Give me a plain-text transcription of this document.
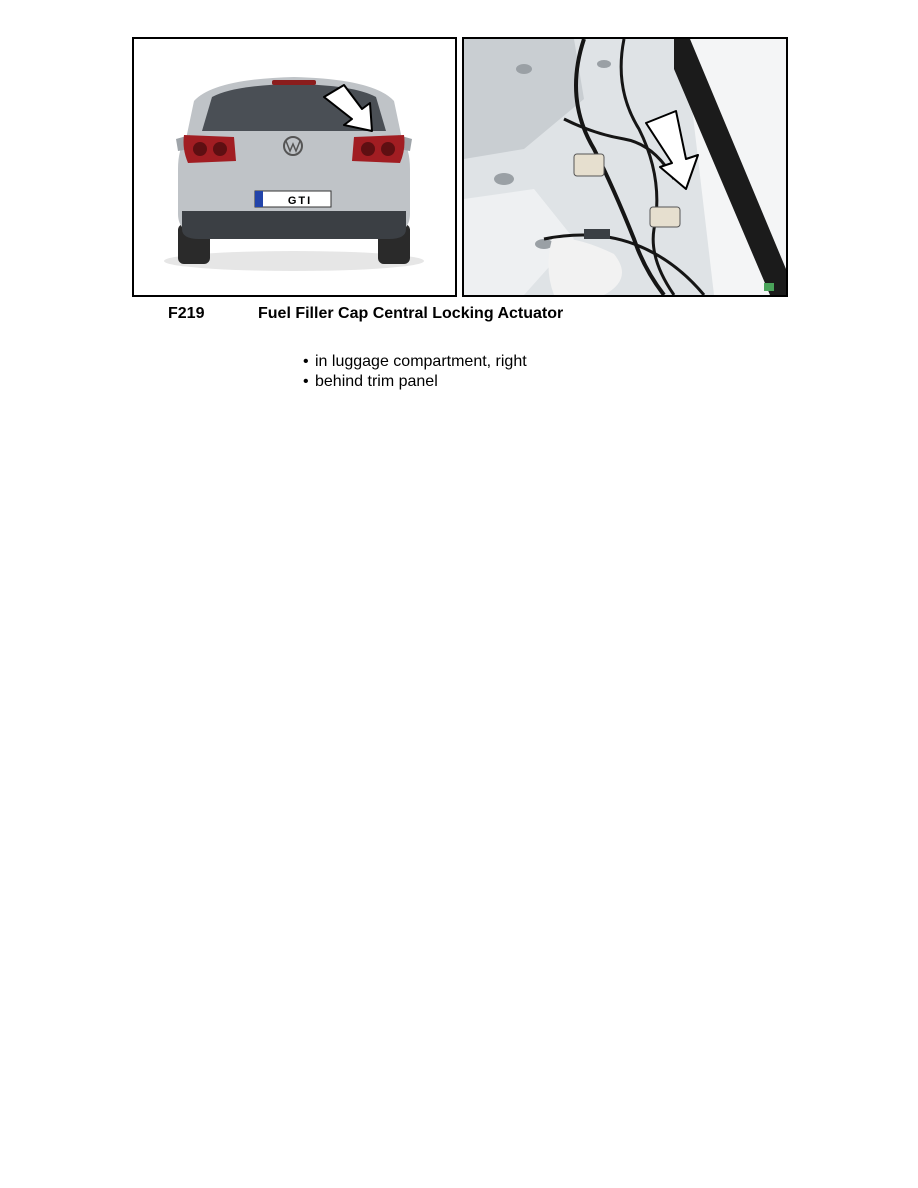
GTI
F219	Fuel Filler Cap Central Locking Actuator
• in luggage compartment, right
• behind trim panel
